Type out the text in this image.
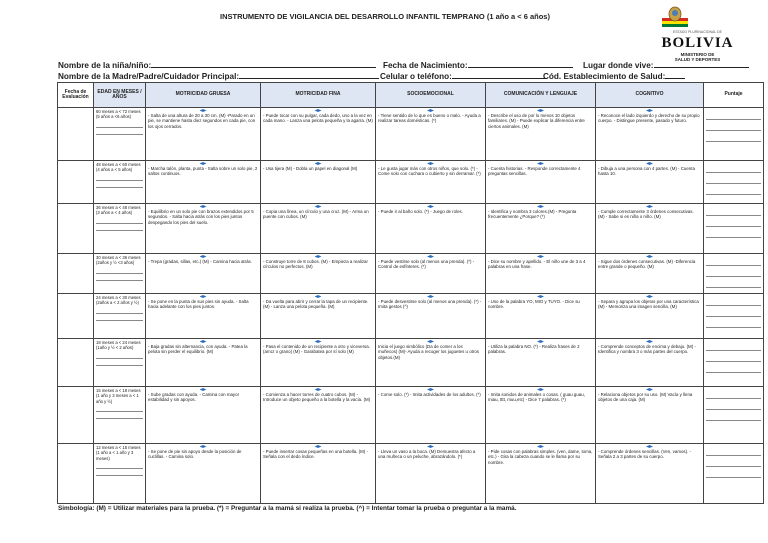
INSTRUMENTO DE VIGILANCIA DEL DESARROLLO INFANTIL TEMPRANO (1 año a < 6 años)
ESTADO PLURINACIONAL DE
BOLIVIA
MINISTERIO DE
SALUD Y DEPORTES
Nombre de la niña/niño:	Fecha de Nacimiento:	Lugar donde vive:
Nombre de la Madre/Padre/Cuidador Principal:	Celular o teléfono:	Cód. Establecimiento de Salud:
Fecha de Evaluación	EDAD EN MESES / AÑOS	MOTRICIDAD GRUESA	MOTRICIDAD FINA	SOCIOEMOCIONAL	COMUNICACIÓN Y LENGUAJE	COGNITIVO	Puntaje

	60 meses a < 72 meses (5 años a <6 años)	- Salta de una altura de 20 a 30 cm. (M) -Parado en un pie, se mantiene hasta diez segundos en cada pie, con los ojos cerrados.	- Puede tocar con su pulgar, cada dedo, uno a la vez en cada mano. - Lanza una pelota pequeña y la agarra. (M)	- Tiene sentido de lo que es bueno o malo. - Ayuda a realizar tareas domésticas. (*)	- Describe el uso de por lo menos 10 objetos familiares. (M) - Puede explicar la diferencia entre ciertos animales. (M)	- Reconoce el lado izquierdo y derecho de su propio cuerpo. - Distingue presente, pasado y futuro.	

	48 meses a < 60 meses (4 años a < 5 años)	- Marcha talón, planta, punta - Salta sobre un solo pie, 2 saltos continuos.	- Usa tijera (M) - Dobla un papel en diagonal (M)	- Le gusta jugar más con otros niños, que solo. (*) - Come solo con cuchara o cubierto y sin derramar. (*)	- Cuenta historias. - Responde correctamente 4 preguntas sencillas.	- Dibuja a una persona con 4 partes. (M) - Cuenta hasta 10.	

	36 meses a < 48 meses (3 años a < 4 años)	- Equilibrio en un solo pie con brazos extendidos por 5 segundos. - Salta hacia atrás con los pies juntos despegando los pies del suelo.	- Copia una línea, un círculo y una cruz. (M) - Arma un puente con cubos. (M)	- Puede ir al baño solo. (*) - Juego de roles.	- Identifica y nombra 3 colores.(M) - Pregunta frecuentemente ¿Porque? (*)	- Cumple correctamente 3 órdenes consecutivas. (M) - Sabe si es niña o niño. (M)	

	30 meses a < 36 meses (2años y ½ <3 años)	- Trepa (gradas, sillas, etc.) (M) - Camina hacia atrás.	- Construye torre de 8 cubos. (M) - Empieza a realizar círculos no perfectos. (M)	- Puede vestirse solo (al menos una prenda). (*) - Control de esfínteres. (*)	- Dice su nombre y apellido. - El niño une de 3 a 4 palabras en una frase.	- Sigue dos órdenes consecutivas. (M) -Diferencia entre grande o pequeño. (M)	

	24 meses a < 30 meses (2años a < 2 años y ½)	- Se pone en la punta de sus pies sin ayuda. - Salta hacia adelante con los pies juntos.	- Da vuelta para abrir y cerrar la tapa de un recipiente. (M) - Lanza una pelota pequeña. (M)	- Puede desvestirse solo (al menos una prenda). (*) - Imita gestos (^)	- Uso de la palabra YO, MIO y TUYO. - Dice su nombre.	- Separa y agrupa los objetos por una característica (M) - Memoriza una imagen sencilla. (M)	

	18 meses a < 24 meses (1año y ½ < 2 años)	- Baja gradas sin alternancia, con ayuda. - Patea la pelota sin perder el equilibrio. (M)	- Pasa el contenido de un recipiente a otro y viceversa. (arroz o grano) (M) - Garabatea por sí solo (M)	Inicia el juego simbólico (Da de comer a los muñecos) (M)- Ayuda a recoger los juguetes u otros objetos.(M)	- Utiliza la palabra NO. (*) - Realiza frases de 2 palabras.	- Comprende conceptos de encima y debajo. (M) - Identifica y nombra 3 o más partes del cuerpo.	

	15 meses a < 18 meses (1 año y 3 meses a < 1 año y ½)	- Sube gradas con ayuda. - Camina con mayor estabilidad y sin apoyos.	- Comienza a hacer torres de cuatro cubos. (M) - Introduce un objeto pequeño a la botella y la vacía. (M)	- Come solo. (*) - Imita actividades de los adultos. (*)	- Imita sonidos de animales o cosas. ( guau guau, miau, tttt, muu,etc) - Dice 7 palabras. (*)	- Relaciona objetos por su uso. (M) Vacía y llena objetos de una caja. (M)	

	12 meses a < 15 meses (1 año a < 1 año y 3 meses)	- Se pone de pie sin apoyo desde la posición de cuclillas. - Camina solo.	- Puede insertar cosas pequeñas en una botella. (M) - Señala con el dedo índice.	- Lleva un vaso a la boca. (M) Demuestra afecto a una muñeca o un peluche, abrazándolo. (*)	- Pide cosas con palabras simples. (ven, dame, toma, etc.) - Gira la cabeza cuando se le llama por su nombre.	- Comprende órdenes sencillas. (Ven, vamos). - Señala 2 a 3 partes de su cuerpo.	

Simbología: (M) = Utilizar materiales para la prueba. (*) = Preguntar a la mamá si realiza la prueba. (^) = Intentar tomar la prueba o preguntar a la mamá.
